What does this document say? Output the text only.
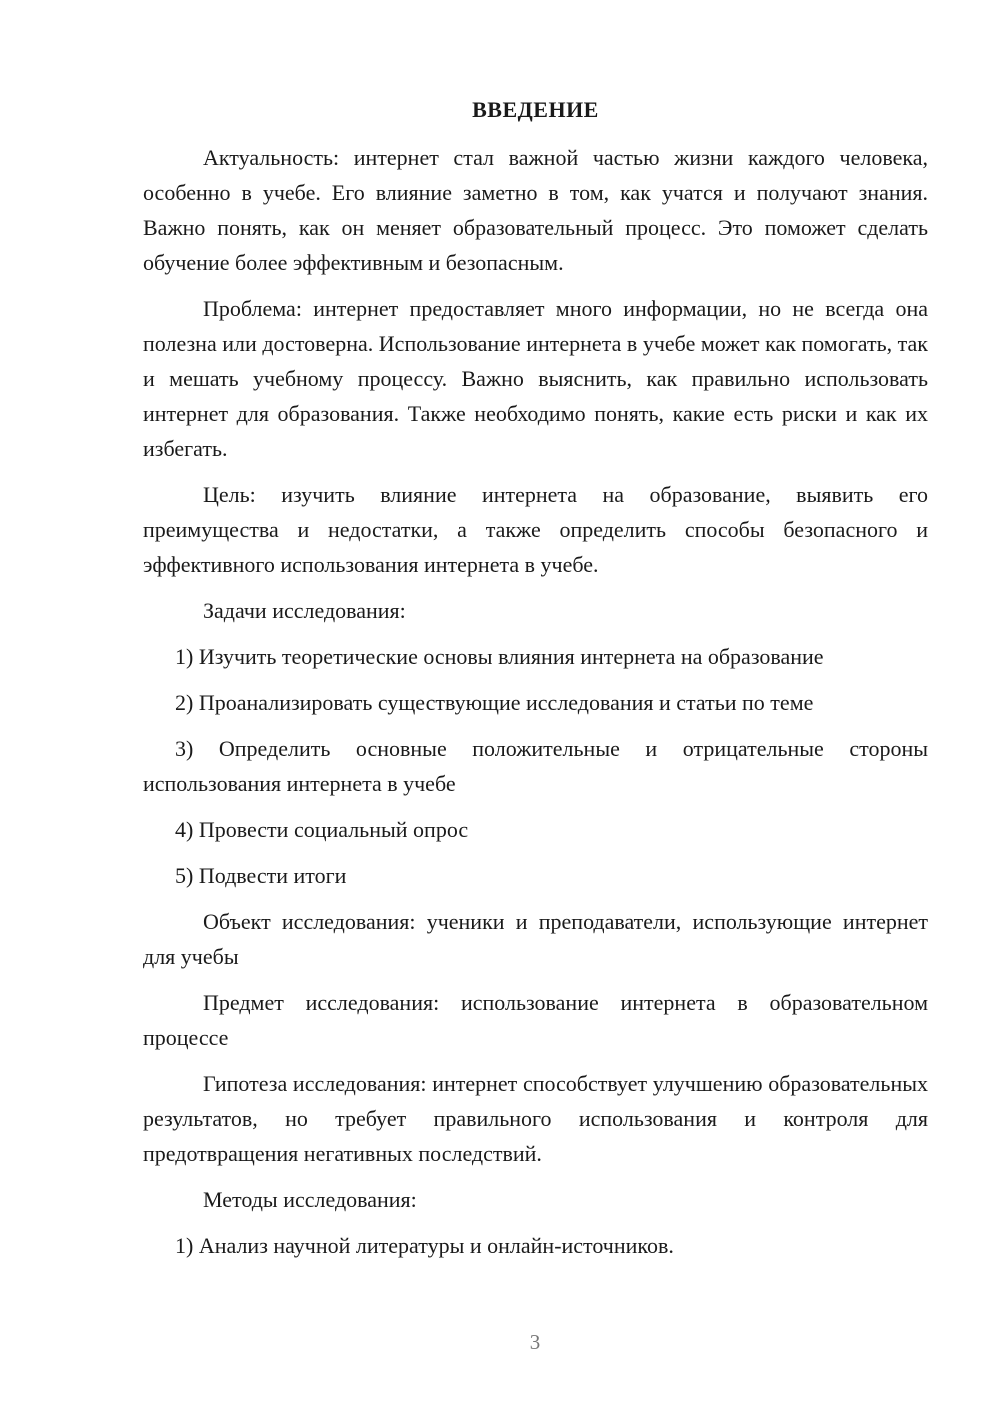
ВВЕДЕНИЕ

Актуальность: интернет стал важной частью жизни каждого человека, особенно в учебе. Его влияние заметно в том, как учатся и получают знания. Важно понять, как он меняет образовательный процесс. Это поможет сделать обучение более эффективным и безопасным.

Проблема: интернет предоставляет много информации, но не всегда она полезна или достоверна. Использование интернета в учебе может как помогать, так и мешать учебному процессу. Важно выяснить, как правильно использовать интернет для образования. Также необходимо понять, какие есть риски и как их избегать.

Цель: изучить влияние интернета на образование, выявить его преимущества и недостатки, а также определить способы безопасного и эффективного использования интернета в учебе.

Задачи исследования:

1) Изучить теоретические основы влияния интернета на образование

2) Проанализировать существующие исследования и статьи по теме

3) Определить основные положительные и отрицательные стороны использования интернета в учебе

4) Провести социальный опрос

5) Подвести итоги

Объект исследования: ученики и преподаватели, использующие интернет для учебы

Предмет исследования: использование интернета в образовательном процессе

Гипотеза исследования: интернет способствует улучшению образовательных результатов, но требует правильного использования и контроля для предотвращения негативных последствий.

Методы исследования:

1) Анализ научной литературы и онлайн-источников.

3
